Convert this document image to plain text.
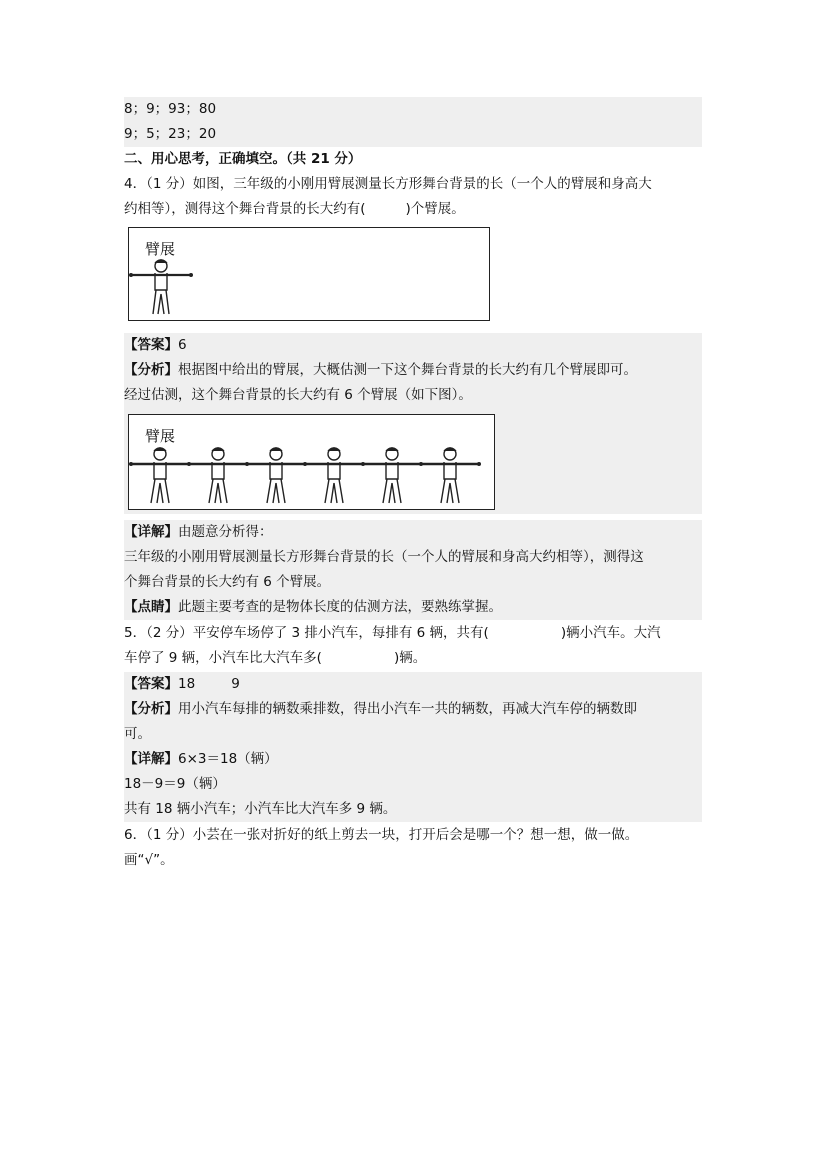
8；9；93；80
9；5；23；20
二、用心思考，正确填空。（共 21 分）
4．（1 分）如图，三年级的小刚用臂展测量长方形舞台背景的长（一个人的臂展和身高大
约相等），测得这个舞台背景的长大约有(	)个臂展。
臂展
【答案】6
【分析】根据图中给出的臂展，大概估测一下这个舞台背景的长大约有几个臂展即可。
经过估测，这个舞台背景的长大约有 6 个臂展（如下图）。
臂展
【详解】由题意分析得：
三年级的小刚用臂展测量长方形舞台背景的长（一个人的臂展和身高大约相等），测得这
个舞台背景的长大约有 6 个臂展。
【点睛】此题主要考查的是物体长度的估测方法，要熟练掌握。
5．（2 分）平安停车场停了 3 排小汽车，每排有 6 辆，共有(	)辆小汽车。大汽
车停了 9 辆，小汽车比大汽车多(	)辆。
【答案】18	9
【分析】用小汽车每排的辆数乘排数，得出小汽车一共的辆数，再减大汽车停的辆数即
可。
【详解】6×3＝18（辆）
18－9＝9（辆）
共有 18 辆小汽车；小汽车比大汽车多 9 辆。
6．（1 分）小芸在一张对折好的纸上剪去一块，打开后会是哪一个？想一想，做一做。
画“√”。
